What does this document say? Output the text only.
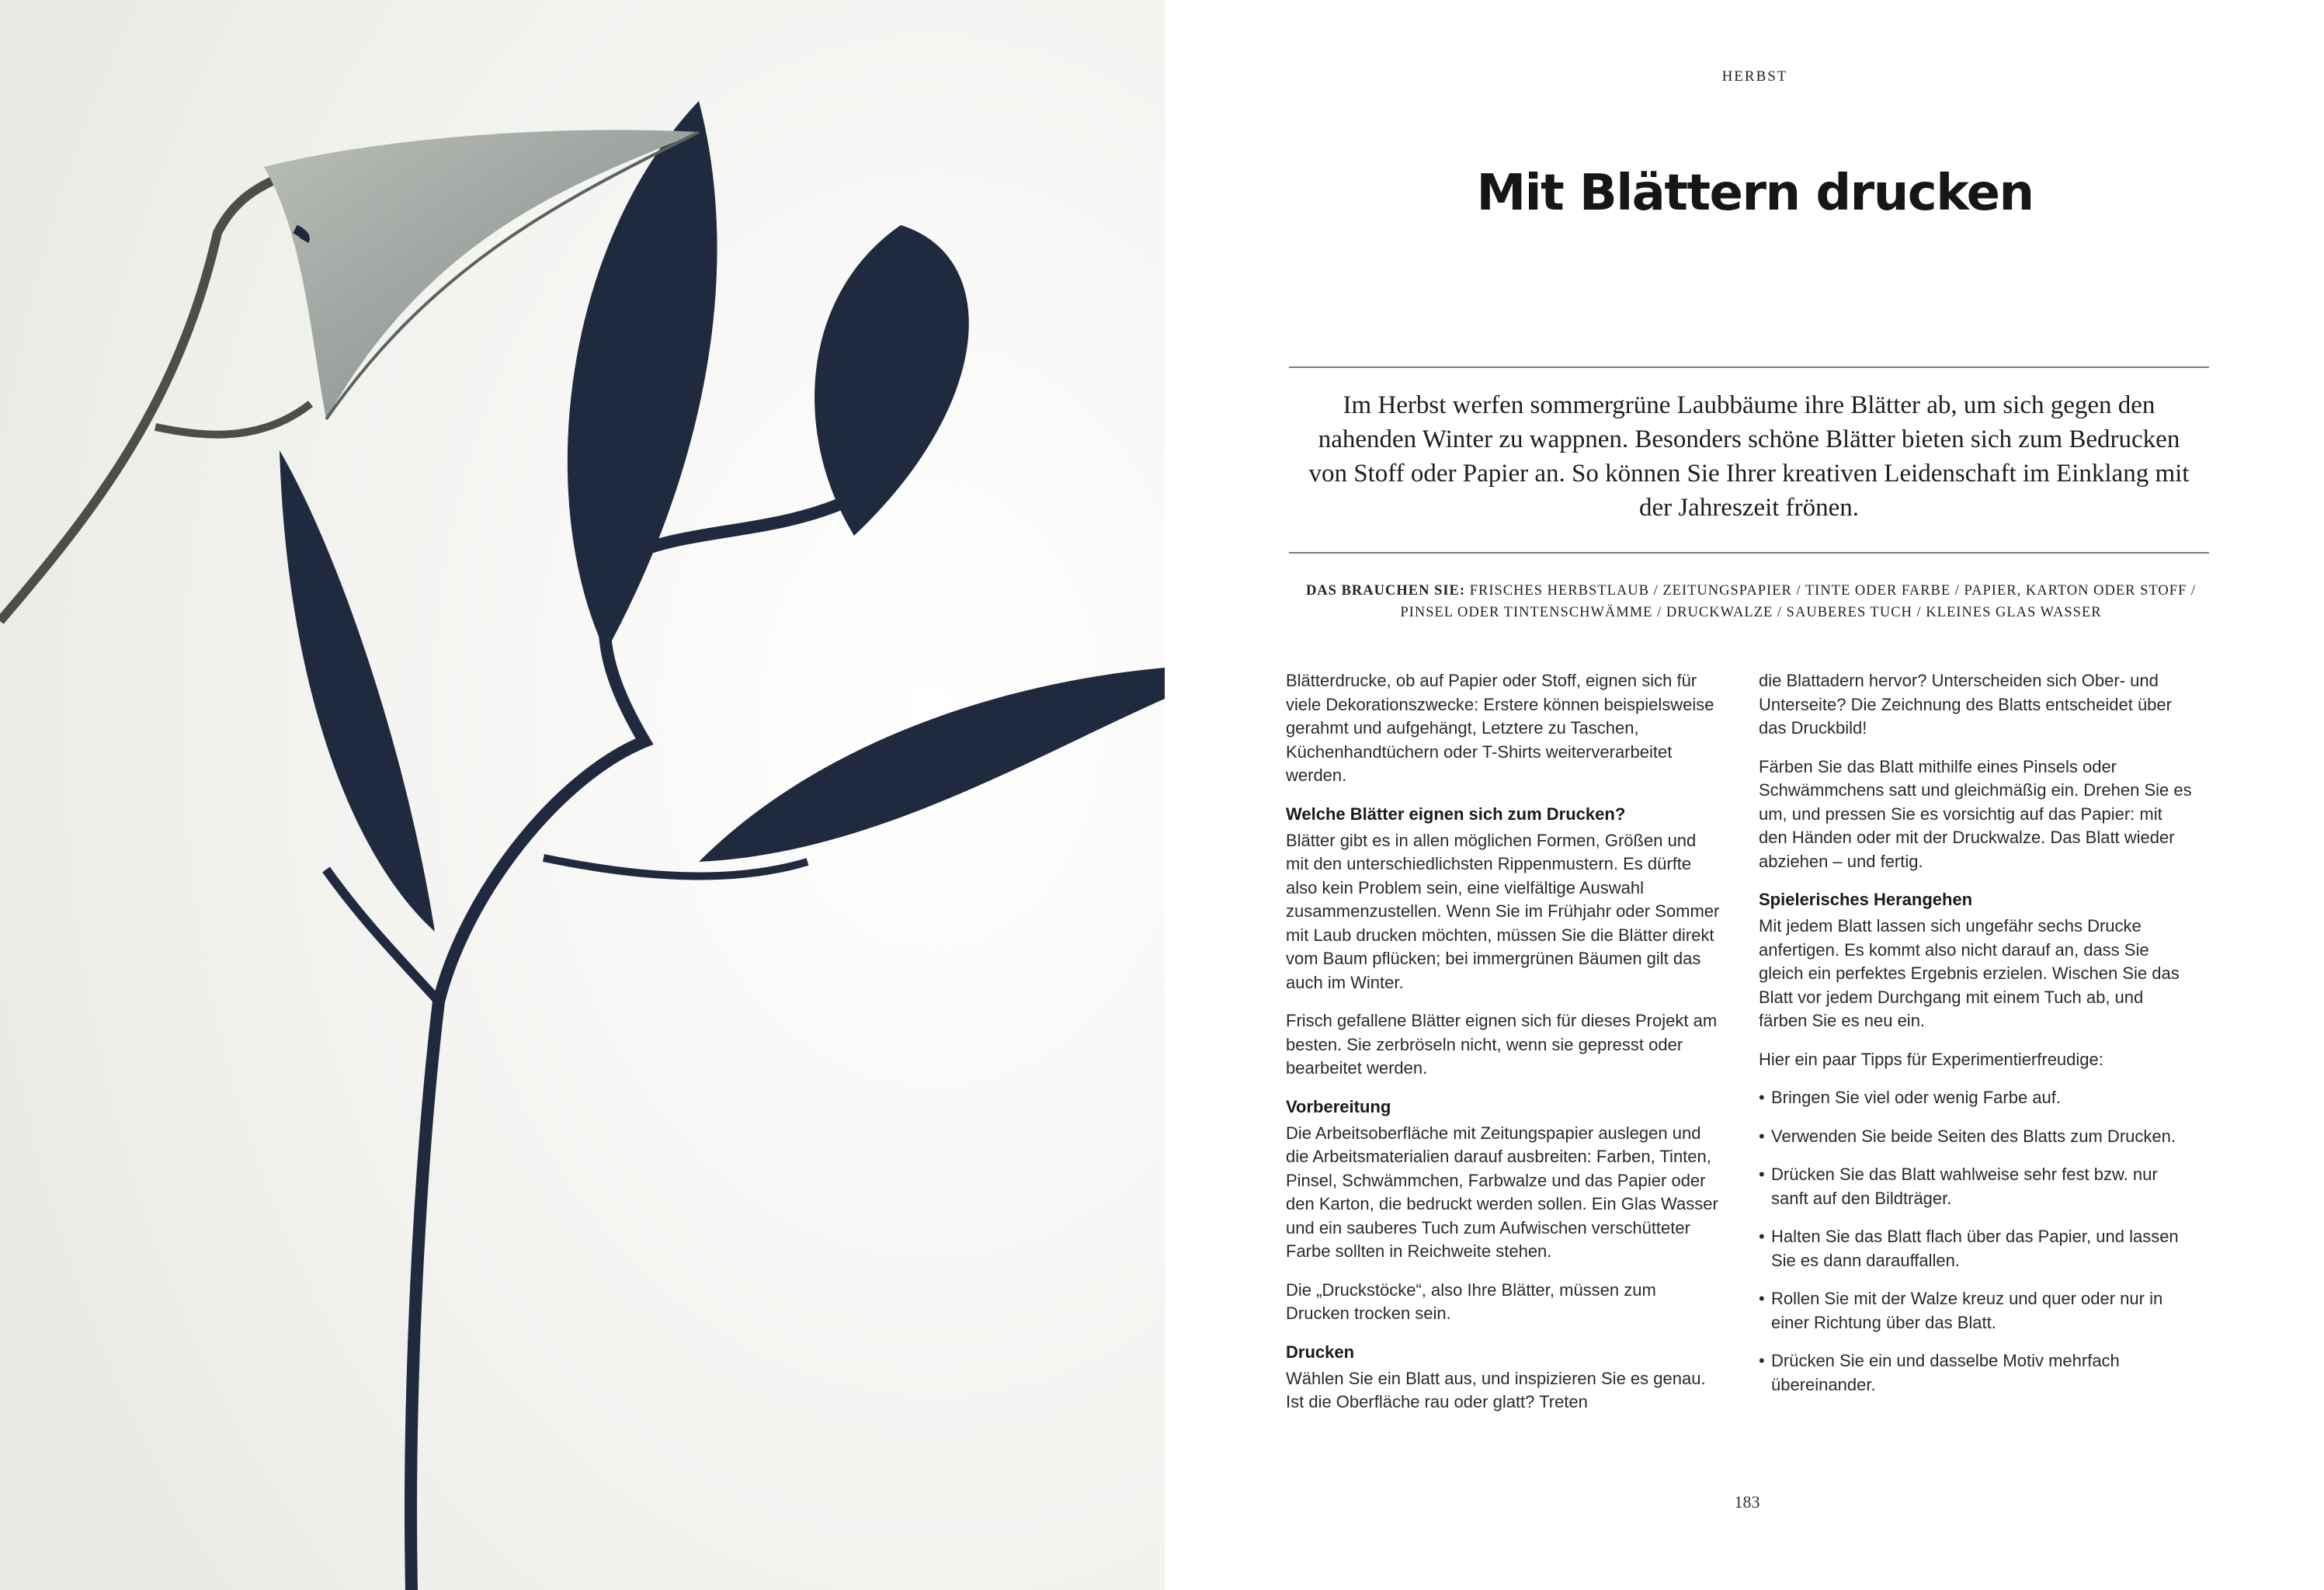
HERBST
Mit Blättern drucken
Im Herbst werfen sommergrüne Laubbäume ihre Blätter ab, um sich gegen den nahenden Winter zu wappnen. Besonders schöne Blätter bieten sich zum Bedrucken von Stoff oder Papier an. So können Sie Ihrer kreativen Leidenschaft im Einklang mit der Jahreszeit frönen.
DAS BRAUCHEN SIE: FRISCHES HERBSTLAUB / ZEITUNGSPAPIER / TINTE ODER FARBE / PAPIER, KARTON ODER STOFF / PINSEL ODER TINTENSCHWÄMME / DRUCKWALZE / SAUBERES TUCH / KLEINES GLAS WASSER

Blätterdrucke, ob auf Papier oder Stoff, eignen sich für viele Dekorationszwecke: Erstere können beispielsweise gerahmt und aufgehängt, Letztere zu Taschen, Küchenhandtüchern oder T-Shirts weiterverarbeitet werden.

Welche Blätter eignen sich zum Drucken?

Blätter gibt es in allen möglichen Formen, Größen und mit den unterschiedlichsten Rippenmustern. Es dürfte also kein Problem sein, eine vielfältige Auswahl zusammenzustellen. Wenn Sie im Frühjahr oder Sommer mit Laub drucken möchten, müssen Sie die Blätter direkt vom Baum pflücken; bei immergrünen Bäumen gilt das auch im Winter.

Frisch gefallene Blätter eignen sich für dieses Projekt am besten. Sie zerbröseln nicht, wenn sie gepresst oder bearbeitet werden.

Vorbereitung

Die Arbeitsoberfläche mit Zeitungspapier auslegen und die Arbeitsmaterialien darauf ausbreiten: Farben, Tinten, Pinsel, Schwämmchen, Farbwalze und das Papier oder den Karton, die bedruckt werden sollen. Ein Glas Wasser und ein sauberes Tuch zum Aufwischen verschütteter Farbe sollten in Reichweite stehen.

Die „Druckstöcke“, also Ihre Blätter, müssen zum Drucken trocken sein.

Drucken

Wählen Sie ein Blatt aus, und inspizieren Sie es genau. Ist die Oberfläche rau oder glatt? Treten

die Blattadern hervor? Unterscheiden sich Ober- und Unterseite? Die Zeichnung des Blatts entscheidet über das Druckbild!

Färben Sie das Blatt mithilfe eines Pinsels oder Schwämmchens satt und gleichmäßig ein. Drehen Sie es um, und pressen Sie es vorsichtig auf das Papier: mit den Händen oder mit der Druckwalze. Das Blatt wieder abziehen – und fertig.

Spielerisches Herangehen

Mit jedem Blatt lassen sich ungefähr sechs Drucke anfertigen. Es kommt also nicht darauf an, dass Sie gleich ein perfektes Ergebnis erzielen. Wischen Sie das Blatt vor jedem Durchgang mit einem Tuch ab, und färben Sie es neu ein.

Hier ein paar Tipps für Experimentierfreudige:

• Bringen Sie viel oder wenig Farbe auf.
• Verwenden Sie beide Seiten des Blatts zum Drucken.
• Drücken Sie das Blatt wahlweise sehr fest bzw. nur sanft auf den Bildträger.
• Halten Sie das Blatt flach über das Papier, und lassen Sie es dann darauffallen.
• Rollen Sie mit der Walze kreuz und quer oder nur in einer Richtung über das Blatt.
• Drücken Sie ein und dasselbe Motiv mehrfach übereinander.
183
